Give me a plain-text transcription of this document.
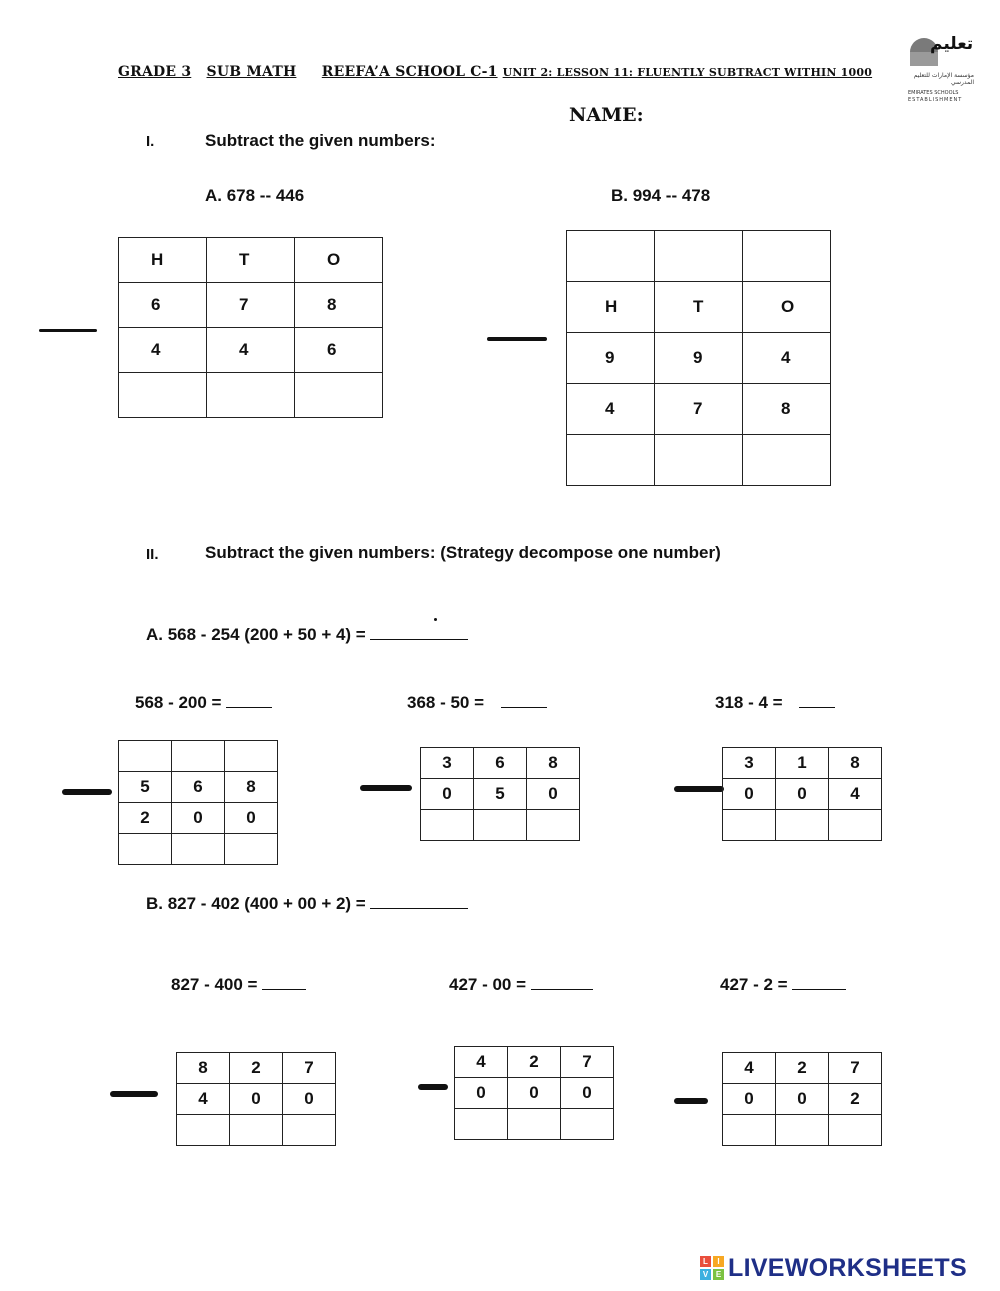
GRADE 3 SUB MATH REEFA’A SCHOOL C-1 UNIT 2: LESSON 11: FLUENTLY SUBTRACT WITHIN 1000
NAME:
تعليم
مؤسسة الإمارات للتعليم المدرسي
EMIRATES SCHOOLS
ESTABLISHMENT
I.	Subtract the given numbers:
A. 678 -- 446	B. 994 -- 478
H	T	O
6	7	8
4	4	6

H	T	O
9	9	4
4	7	8

II.	Subtract the given numbers: (Strategy decompose one number)
A. 568 - 254 (200 + 50 + 4) =
568 - 200 =	368 - 50 =	318 - 4 =

5	6	8
2	0	0

3	6	8
0	5	0

3	1	8
0	0	4

B. 827 - 402 (400 + 00 + 2) =
827 - 400 =	427 - 00 =	427 - 2 =
8	2	7
4	0	0

4	2	7
0	0	0

4	2	7
0	0	2

L	I
V E LIVEWORKSHEETS
